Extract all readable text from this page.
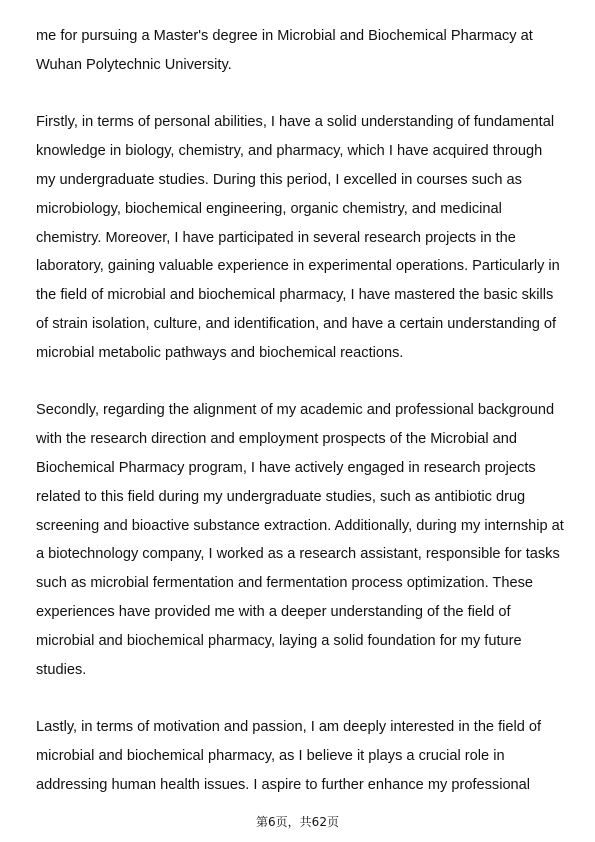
me for pursuing a Master's degree in Microbial and Biochemical Pharmacy at
Wuhan Polytechnic University.

Firstly, in terms of personal abilities, I have a solid understanding of fundamental
knowledge in biology, chemistry, and pharmacy, which I have acquired through
my undergraduate studies. During this period, I excelled in courses such as
microbiology, biochemical engineering, organic chemistry, and medicinal
chemistry. Moreover, I have participated in several research projects in the
laboratory, gaining valuable experience in experimental operations. Particularly in
the field of microbial and biochemical pharmacy, I have mastered the basic skills
of strain isolation, culture, and identification, and have a certain understanding of
microbial metabolic pathways and biochemical reactions.

Secondly, regarding the alignment of my academic and professional background
with the research direction and employment prospects of the Microbial and
Biochemical Pharmacy program, I have actively engaged in research projects
related to this field during my undergraduate studies, such as antibiotic drug
screening and bioactive substance extraction. Additionally, during my internship at
a biotechnology company, I worked as a research assistant, responsible for tasks
such as microbial fermentation and fermentation process optimization. These
experiences have provided me with a deeper understanding of the field of
microbial and biochemical pharmacy, laying a solid foundation for my future
studies.

Lastly, in terms of motivation and passion, I am deeply interested in the field of
microbial and biochemical pharmacy, as I believe it plays a crucial role in
addressing human health issues. I aspire to further enhance my professional

第6页，共62页
